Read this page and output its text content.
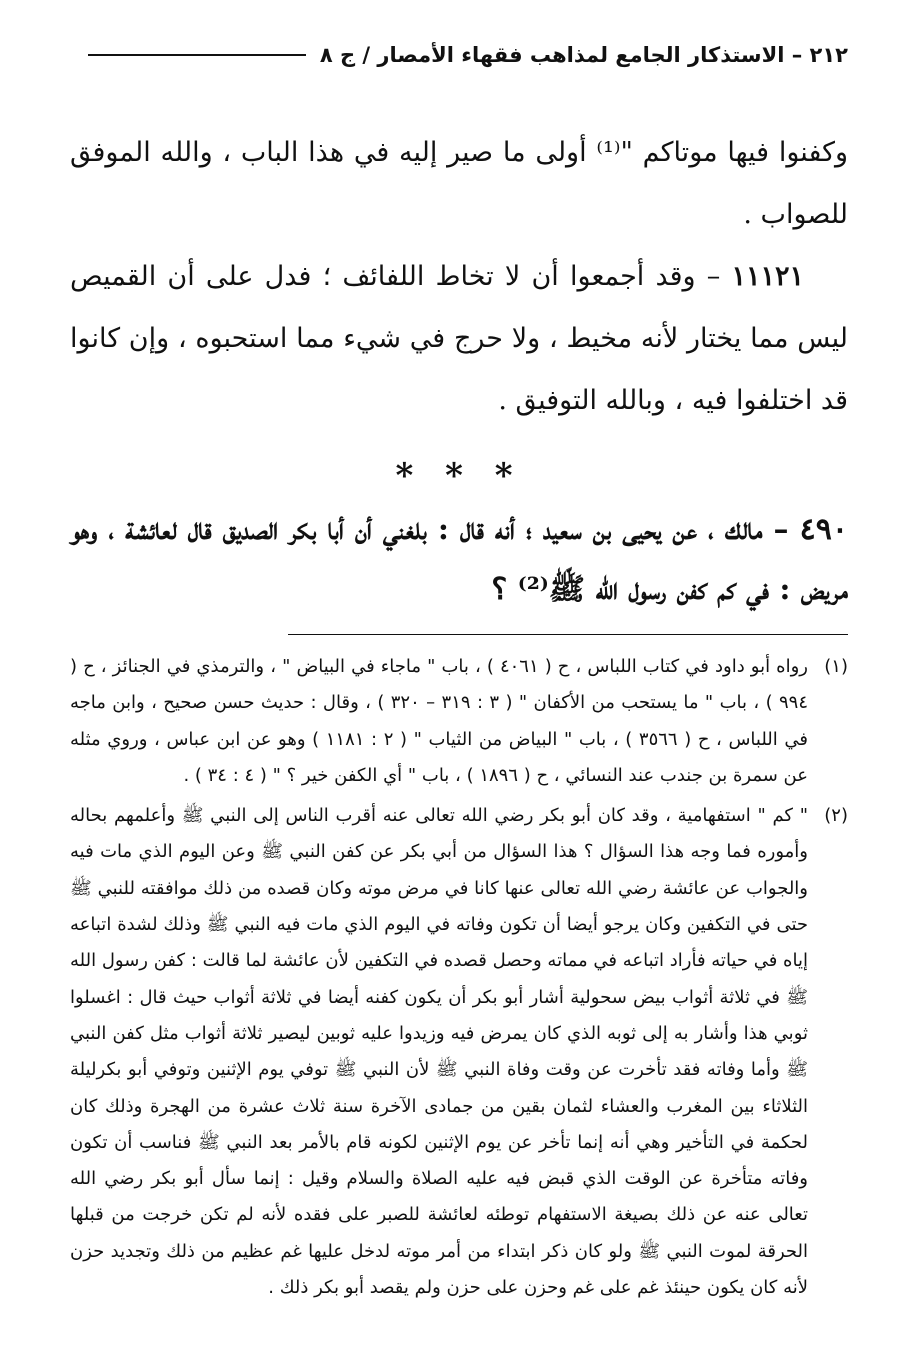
٢١٢ – الاستذكار الجامع لمذاهب فقهاء الأمصار / ج ٨

وكفنوا فيها موتاكم "⁽¹⁾ أولى ما صير إليه في هذا الباب ، والله الموفق للصواب .

١١١٢١ – وقد أجمعوا أن لا تخاط اللفائف ؛ فدل على أن القميص ليس مما يختار لأنه مخيط ، ولا حرج في شيء مما استحبوه ، وإن كانوا قد اختلفوا فيه ، وبالله التوفيق .

* * *
٤٩٠ – مالك ، عن يحيى بن سعيد ؛ أنه قال : بلغني أن أبا بكر الصديق قال لعائشة ، وهو مريض : في كم كفن رسول الله ﷺ⁽²⁾ ؟
(١)
رواه أبو داود في كتاب اللباس ، ح ( ٤٠٦١ ) ، باب " ماجاء في البياض " ، والترمذي في الجنائز ، ح ( ٩٩٤ ) ، باب " ما يستحب من الأكفان " ( ٣ : ٣١٩ – ٣٢٠ ) ، وقال : حديث حسن صحيح ، وابن ماجه في اللباس ، ح ( ٣٥٦٦ ) ، باب " البياض من الثياب " ( ٢ : ١١٨١ ) وهو عن ابن عباس ، وروي مثله عن سمرة بن جندب عند النسائي ، ح ( ١٨٩٦ ) ، باب " أي الكفن خير ؟ " ( ٤ : ٣٤ ) .
(٢)
" كم " استفهامية ، وقد كان أبو بكر رضي الله تعالى عنه أقرب الناس إلى النبي ﷺ وأعلمهم بحاله وأموره فما وجه هذا السؤال ؟ هذا السؤال من أبي بكر عن كفن النبي ﷺ وعن اليوم الذي مات فيه والجواب عن عائشة رضي الله تعالى عنها كانا في مرض موته وكان قصده من ذلك موافقته للنبي ﷺ حتى في التكفين وكان يرجو أيضا أن تكون وفاته في اليوم الذي مات فيه النبي ﷺ وذلك لشدة اتباعه إياه في حياته فأراد اتباعه في مماته وحصل قصده في التكفين لأن عائشة لما قالت : كفن رسول الله ﷺ في ثلاثة أثواب بيض سحولية أشار أبو بكر أن يكون كفنه أيضا في ثلاثة أثواب حيث قال : اغسلوا ثوبي هذا وأشار به إلى ثوبه الذي كان يمرض فيه وزيدوا عليه ثوبين ليصير ثلاثة أثواب مثل كفن النبي ﷺ وأما وفاته فقد تأخرت عن وقت وفاة النبي ﷺ لأن النبي ﷺ توفي يوم الإثنين وتوفي أبو بكرليلة الثلاثاء بين المغرب والعشاء لثمان بقين من جمادى الآخرة سنة ثلاث عشرة من الهجرة وذلك كان لحكمة في التأخير وهي أنه إنما تأخر عن يوم الإثنين لكونه قام بالأمر بعد النبي ﷺ فناسب أن تكون وفاته متأخرة عن الوقت الذي قبض فيه عليه الصلاة والسلام وقيل : إنما سأل أبو بكر رضي الله تعالى عنه عن ذلك بصيغة الاستفهام توطئه لعائشة للصبر على فقده لأنه لم تكن خرجت من قبلها الحرقة لموت النبي ﷺ ولو كان ذكر ابتداء من أمر موته لدخل عليها غم عظيم من ذلك وتجديد حزن لأنه كان يكون حينئذ غم على غم وحزن على حزن ولم يقصد أبو بكر ذلك .
